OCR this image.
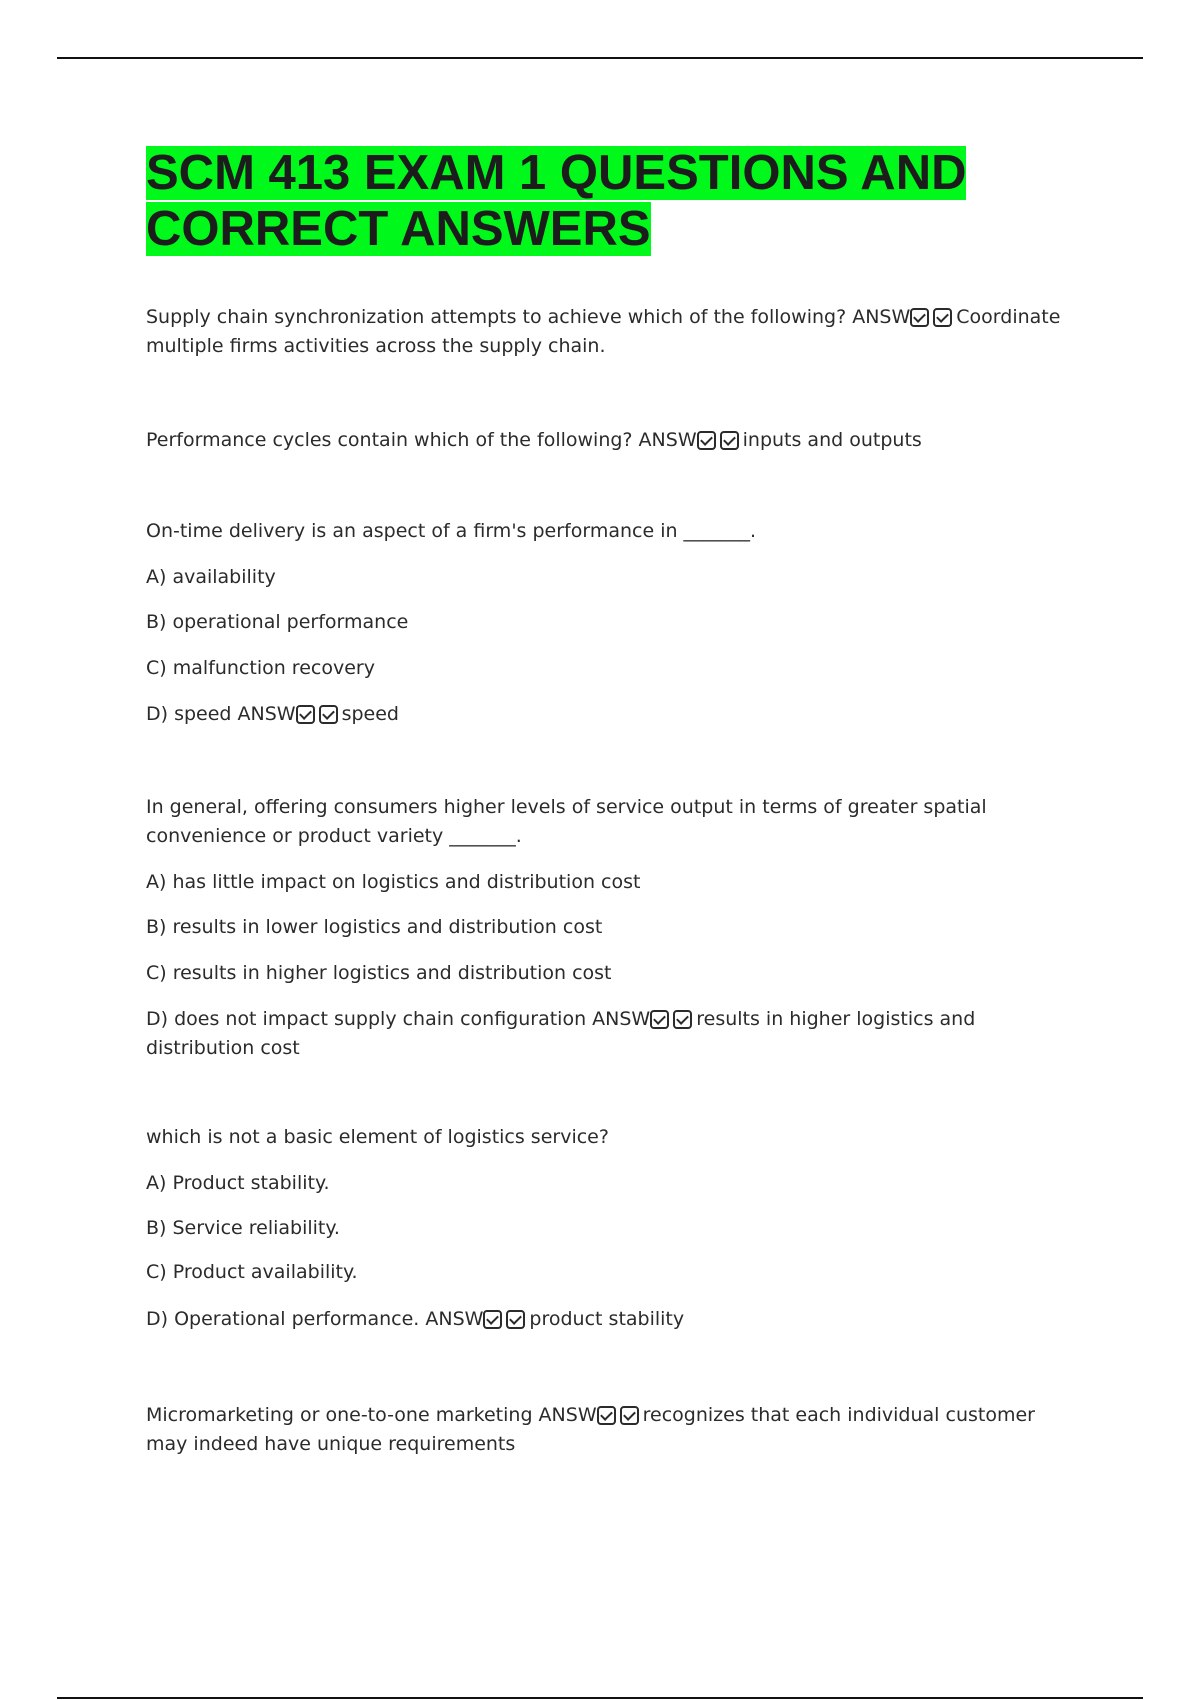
SCM 413 EXAM 1 QUESTIONS AND CORRECT ANSWERS

Supply chain synchronization attempts to achieve which of the following? ANSW Coordinate multiple firms activities across the supply chain.

Performance cycles contain which of the following? ANSW inputs and outputs

On-time delivery is an aspect of a firm's performance in _______.

A) availability

B) operational performance

C) malfunction recovery

D) speed ANSW speed

In general, offering consumers higher levels of service output in terms of greater spatial convenience or product variety _______.

A) has little impact on logistics and distribution cost

B) results in lower logistics and distribution cost

C) results in higher logistics and distribution cost

D) does not impact supply chain configuration ANSW results in higher logistics and distribution cost

which is not a basic element of logistics service?

A) Product stability.

B) Service reliability.

C) Product availability.

D) Operational performance. ANSW product stability

Micromarketing or one-to-one marketing ANSW recognizes that each individual customer may indeed have unique requirements
